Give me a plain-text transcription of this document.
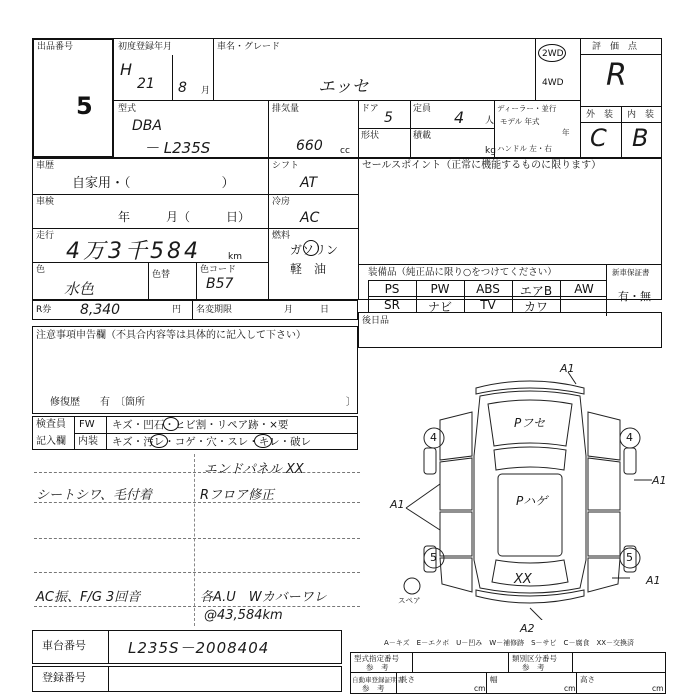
出品番号
5
初度登録年月
H
21 8 月
車名・グレード
エッセ
2WD
4WD
評　価　点
R
外　装 内　装
C B
型式
DBA
－ L235S
排気量
660 cc
ドア
5
定員 4 人
形状	積載
kg
ディーラー・並行
モデル 年式
年
ハンドル 左・右
車歴
自家用・（　　　　　　　）
シフト
AT
セールスポイント（正常に機能するものに限ります）
車検
年　　　月（　　　日）
冷房
AC
走行
4万3千584	km
燃料
ガソリン
軽　油
色
水色
色替	色コード
B57
装備品（純正品に限り○をつけてください）	新車保証書
有・無
PS	PW	ABS	エアB	AW
SR	ナビ	TV	カワ
R券 8,340	円 名変期限	月　　　日
後日品
注意事項申告欄（不具合内容等は具体的に記入して下さい）
修復歴　　有　〔箇所	〕
検査員
記入欄
FW
内装
キズ・凹石・ヒビ割・リペア跡・×要
キズ・汚レ・コゲ・穴・スレ・キレ・破レ
エンドパネル XX
シートシワ、毛付着	Rフロア修正
AC振、F/G 3回音	各A.U　Wカバーワレ
@43,584km
A1
A1
A1
A1
A2
4	4
5	5
Pフセ
Pハゲ
XX
スペア
A－キズ　E－エクボ　U－凹み　W－補修跡　S－サビ　C－腐食　XX－交換済
車台番号	L235S－2008404
登録番号
型式指定番号
参　考
類別区分番号
参　考
自動車登録証明書
参　考
長さ
cm
幅
cm
高さ
cm
